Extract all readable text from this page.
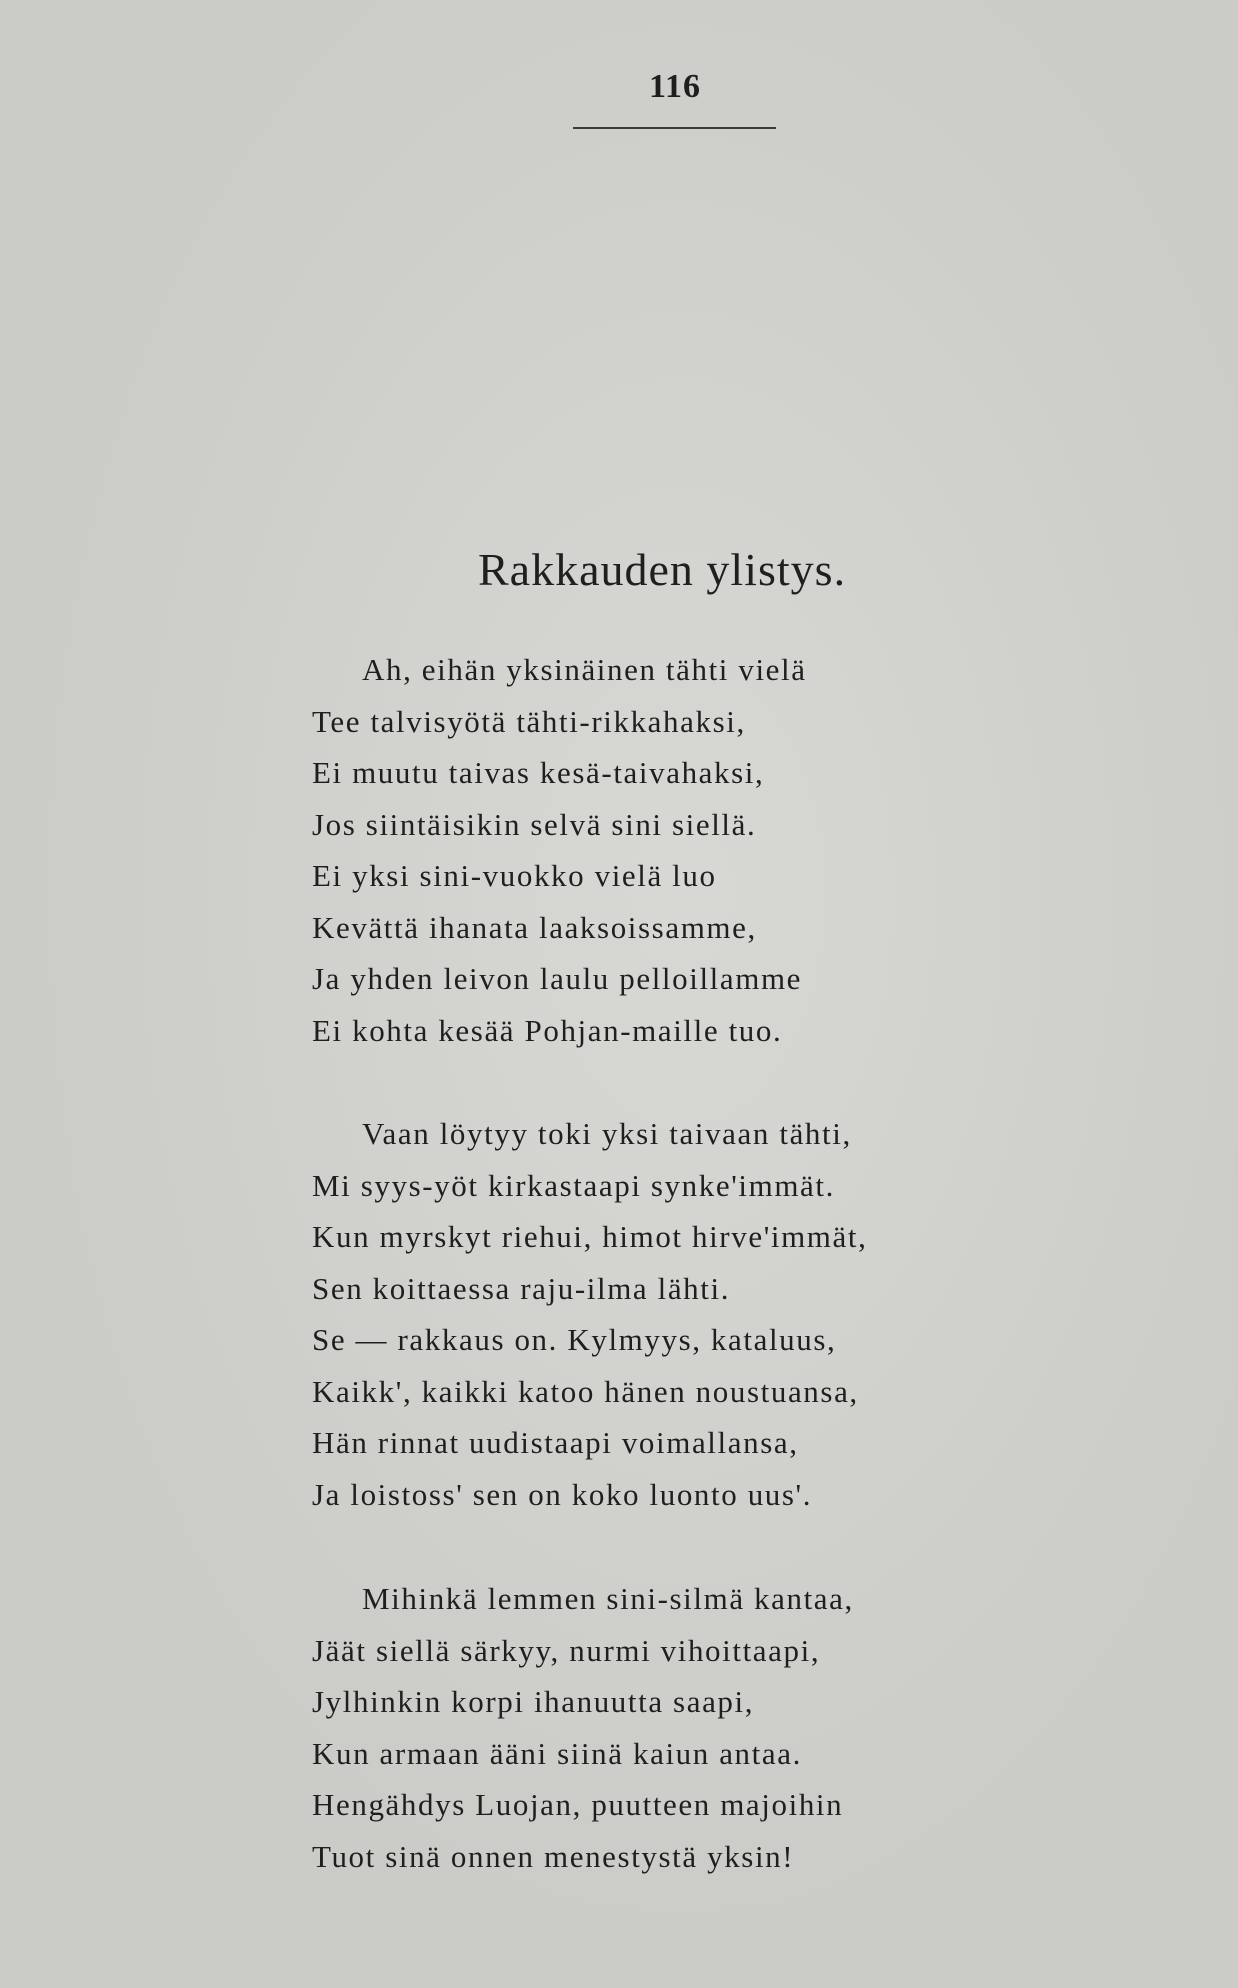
116
Rakkauden ylistys.
Ah, eihän yksinäinen tähti vielä
Tee talvisyötä tähti-rikkahaksi,
Ei muutu taivas kesä-taivahaksi,
Jos siintäisikin selvä sini siellä.
Ei yksi sini-vuokko vielä luo
Kevättä ihanata laaksoissamme,
Ja yhden leivon laulu pelloillamme
Ei kohta kesää Pohjan-maille tuo.
Vaan löytyy toki yksi taivaan tähti,
Mi syys-yöt kirkastaapi synke'immät.
Kun myrskyt riehui, himot hirve'immät,
Sen koittaessa raju-ilma lähti.
Se — rakkaus on. Kylmyys, kataluus,
Kaikk', kaikki katoo hänen noustuansa,
Hän rinnat uudistaapi voimallansa,
Ja loistoss' sen on koko luonto uus'.
Mihinkä lemmen sini-silmä kantaa,
Jäät siellä särkyy, nurmi vihoittaapi,
Jylhinkin korpi ihanuutta saapi,
Kun armaan ääni siinä kaiun antaa.
Hengähdys Luojan, puutteen majoihin
Tuot sinä onnen menestystä yksin!
